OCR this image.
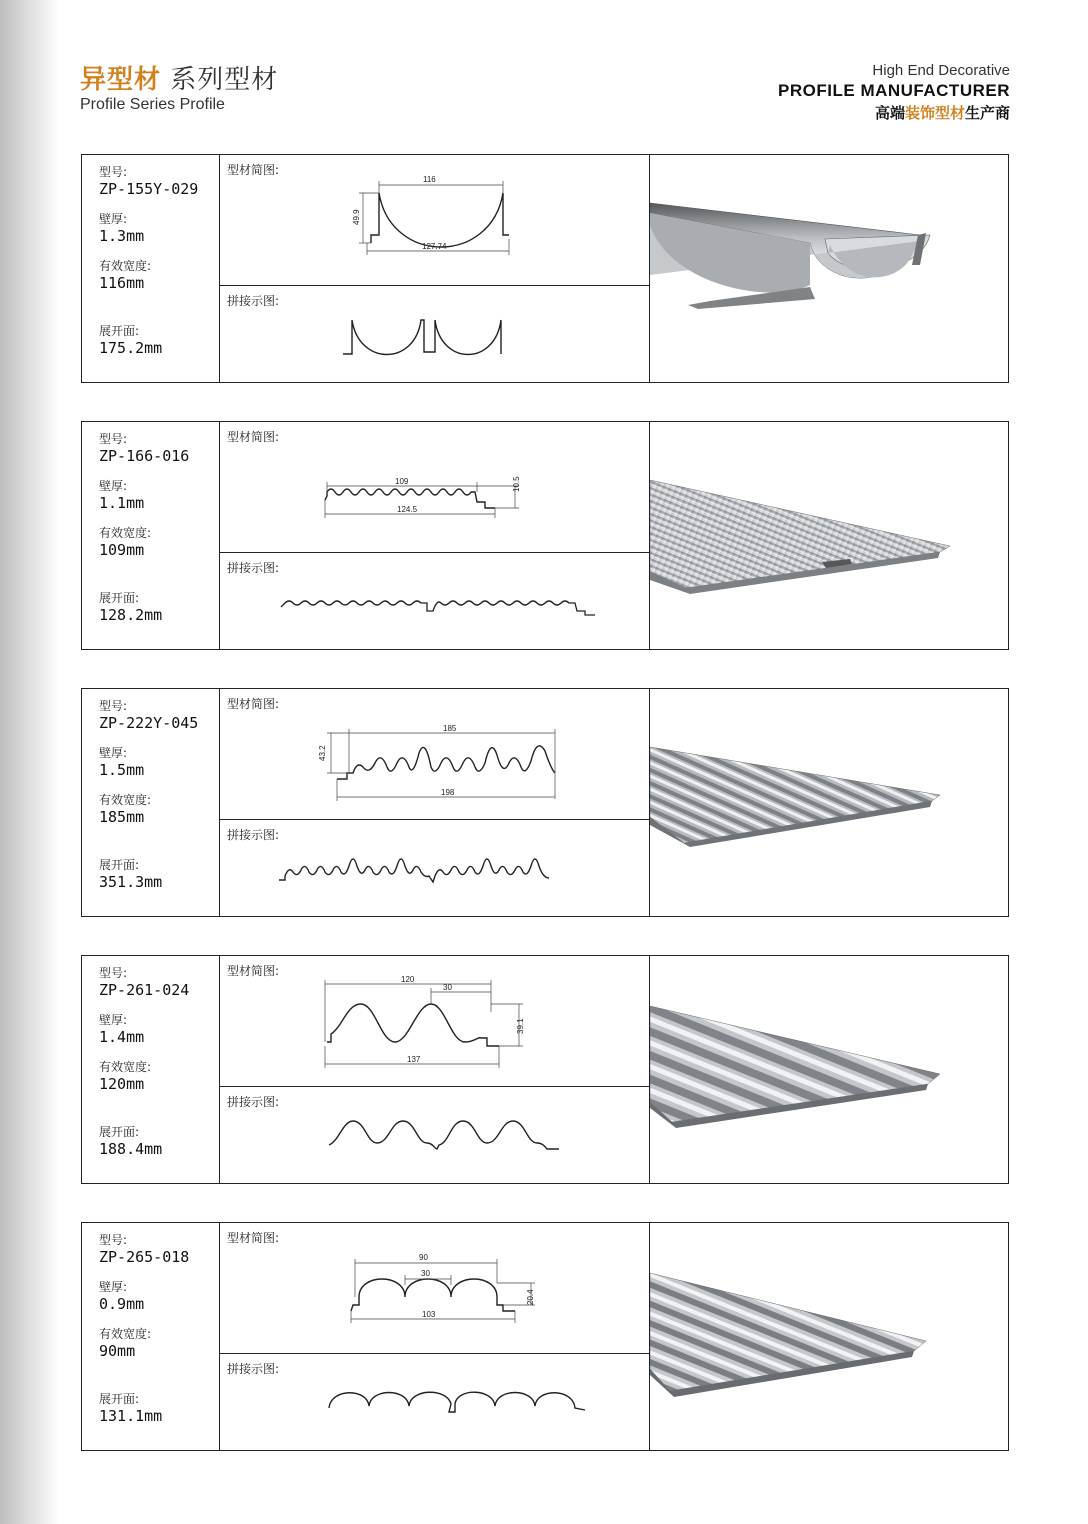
异型材 系列型材
Profile Series Profile
High End Decorative
PROFILE MANUFACTURER
高端装饰型材生产商
型号:
ZP-155Y-029
壁厚:
1.3mm
有效宽度:
116mm
展开面:
175.2mm
116
49.9
127.74
型材简图:
拼接示图:
型号:
ZP-166-016
壁厚:
1.1mm
有效宽度:
109mm
展开面:
128.2mm
109	10.5
124.5
型材简图:
拼接示图:
型号:
ZP-222Y-045
壁厚:
1.5mm
有效宽度:
185mm
展开面:
351.3mm
185
43.2
198
型材简图:
拼接示图:
型号:
ZP-261-024
壁厚:
1.4mm
有效宽度:
120mm
展开面:
188.4mm
120
30
39.1
137
型材简图:
拼接示图:
型号:
ZP-265-018
壁厚:
0.9mm
有效宽度:
90mm
展开面:
131.1mm
90
30
20.4
103
型材简图:
拼接示图:
